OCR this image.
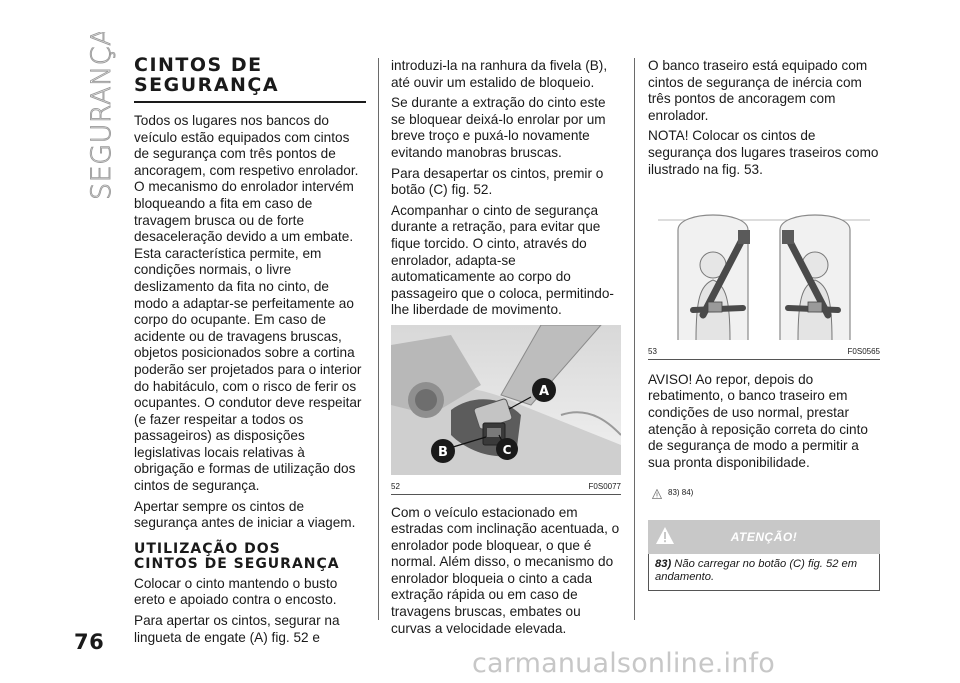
SEGURANÇA CINTOS DE
SEGURANÇA

Todos os lugares nos bancos do veículo estão equipados com cintos de segurança com três pontos de ancoragem, com respetivo enrolador. O mecanismo do enrolador intervém bloqueando a fita em caso de travagem brusca ou de forte desaceleração devido a um embate. Esta característica permite, em condições normais, o livre deslizamento da fita no cinto, de modo a adaptar-se perfeitamente ao corpo do ocupante. Em caso de acidente ou de travagens bruscas, objetos posicionados sobre a cortina poderão ser projetados para o interior do habitáculo, com o risco de ferir os ocupantes. O condutor deve respeitar (e fazer respeitar a todos os passageiros) as disposições legislativas locais relativas à obrigação e formas de utilização dos cintos de segurança.

Apertar sempre os cintos de segurança antes de iniciar a viagem.

UTILIZAÇÃO DOS
CINTOS DE SEGURANÇA

Colocar o cinto mantendo o busto ereto e apoiado contra o encosto.

Para apertar os cintos, segurar na lingueta de engate (A) fig. 52 e

introduzi-la na ranhura da fivela (B), até ouvir um estalido de bloqueio.

Se durante a extração do cinto este se bloquear deixá-lo enrolar por um breve troço e puxá-lo novamente evitando manobras bruscas.

Para desapertar os cintos, premir o botão (C) fig. 52.

Acompanhar o cinto de segurança durante a retração, para evitar que fique torcido. O cinto, através do enrolador, adapta-se automaticamente ao corpo do passageiro que o coloca, permitindo-lhe liberdade de movimento.

A
B	C
52	F0S0077

Com o veículo estacionado em estradas com inclinação acentuada, o enrolador pode bloquear, o que é normal. Além disso, o mecanismo do enrolador bloqueia o cinto a cada extração rápida ou em caso de travagens bruscas, embates ou curvas a velocidade elevada.

O banco traseiro está equipado com cintos de segurança de inércia com três pontos de ancoragem com enrolador.

NOTA! Colocar os cintos de segurança dos lugares traseiros como ilustrado na fig. 53.

53	F0S0565

AVISO! Ao repor, depois do rebatimento, o banco traseiro em condições de uso normal, prestar atenção à reposição correta do cinto de segurança de modo a permitir a sua pronta disponibilidade.

83) 84)
ATENÇÃO!
83) Não carregar no botão (C) fig. 52 em andamento.
76
carmanualsonline.info
